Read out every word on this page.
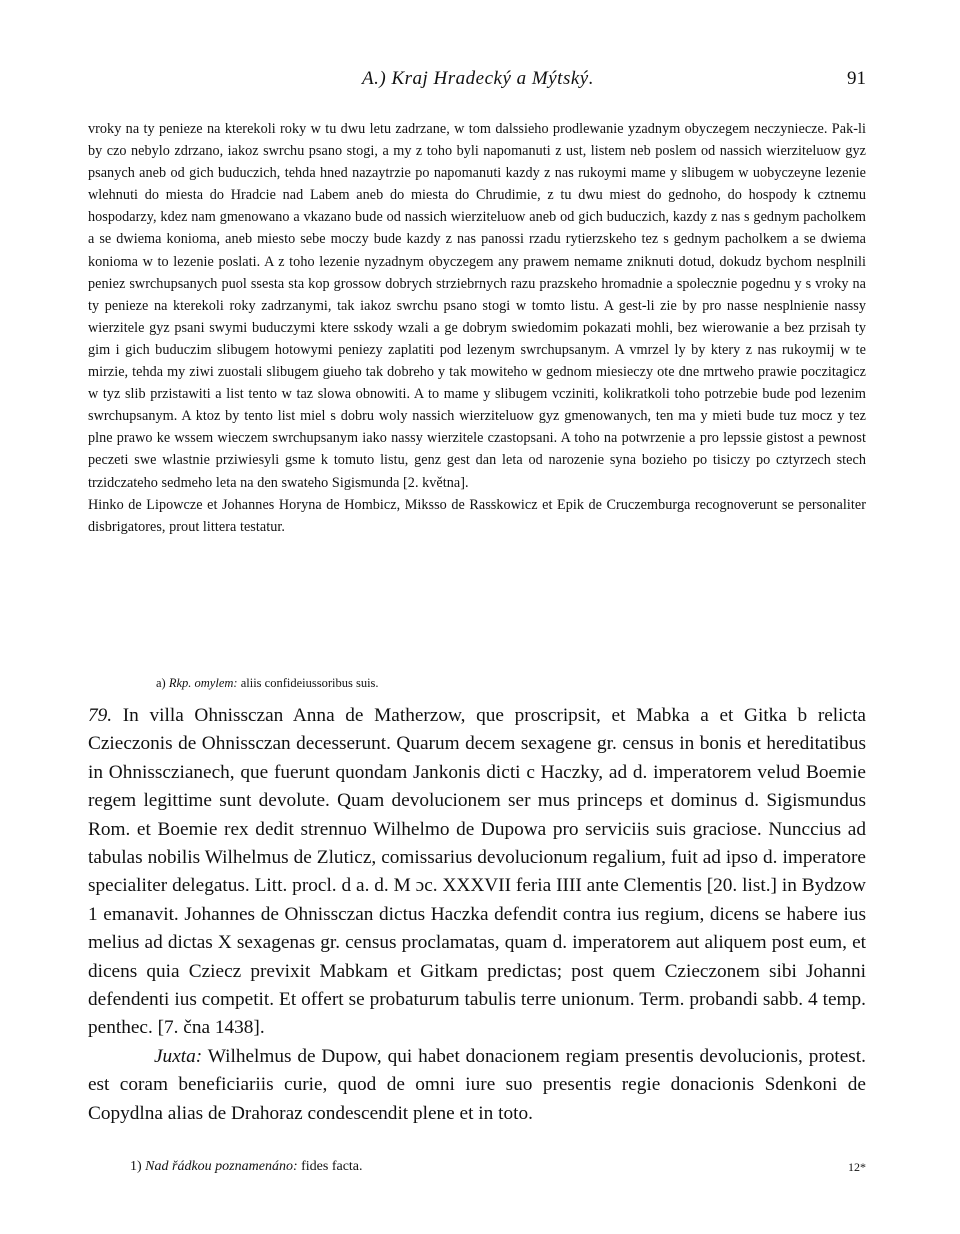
A.) Kraj Hradecký a Mýtský.	91

vroky na ty penieze na kterekoli roky w tu dwu letu zadrzane, w tom dalssieho prodlewanie yzadnym obyczegem neczyniecze. Pak-li by czo nebylo zdrzano, iakoz swrchu psano stogi, a my z toho byli napomanuti z ust, listem neb poslem od nassich wierziteluow gyz psanych aneb od gich buduczich, tehda hned nazaytrzie po napomanuti kazdy z nas rukoymi mame y slibugem w uobyczeyne lezenie wlehnuti do miesta do Hradcie nad Labem aneb do miesta do Chrudimie, z tu dwu miest do gednoho, do hospody k cztnemu hospodarzy, kdez nam gmenowano a vkazano bude od nassich wierziteluow aneb od gich buduczich, kazdy z nas s gednym pacholkem a se dwiema konioma, aneb miesto sebe moczy bude kazdy z nas panossi rzadu rytierzskeho tez s gednym pacholkem a se dwiema konioma w to lezenie poslati. A z toho lezenie nyzadnym obyczegem any prawem nemame zniknuti dotud, dokudz bychom nesplnili peniez swrchupsanych puol ssesta sta kop grossow dobrych strziebrnych razu prazskeho hromadnie a spolecznie pogednu y s vroky na ty penieze na kterekoli roky zadrzanymi, tak iakoz swrchu psano stogi w tomto listu. A gest-li zie by pro nasse nesplnienie nassy wierzitele gyz psani swymi buduczymi ktere sskody wzali a ge dobrym swiedomim pokazati mohli, bez wierowanie a bez przisah ty gim i gich buduczim slibugem hotowymi peniezy zaplatiti pod lezenym swrchupsanym. A vmrzel ly by ktery z nas rukoymij w te mirzie, tehda my ziwi zuostali slibugem giueho tak dobreho y tak mowiteho w gednom miesieczy ote dne mrtweho prawie poczitagicz w tyz slib przistawiti a list tento w taz slowa obnowiti. A to mame y slibugem vcziniti, kolikratkoli toho potrzebie bude pod lezenim swrchupsanym. A ktoz by tento list miel s dobru woly nassich wierziteluow gyz gmenowanych, ten ma y mieti bude tuz mocz y tez plne prawo ke wssem wieczem swrchupsanym iako nassy wierzitele czastopsani. A toho na potwrzenie a pro lepssie gistost a pewnost peczeti swe wlastnie prziwiesyli gsme k tomuto listu, genz gest dan leta od narozenie syna bozieho po tisiczy po cztyrzech stech trzidczateho sedmeho leta na den swateho Sigismunda [2. května].

Hinko de Lipowcze et Johannes Horyna de Hombicz, Miksso de Rasskowicz et Epik de Cruczemburga recognoverunt se personaliter disbrigatores, prout littera testatur.

a) Rkp. omylem: aliis confideiussoribus suis.

79. In villa Ohnissczan Anna de Matherzow, que proscripsit, et Mabka a et Gitka b relicta Czieczonis de Ohnissczan decesserunt. Quarum decem sexagene gr. census in bonis et hereditatibus in Ohnissczianech, que fuerunt quondam Jankonis dicti c Haczky, ad d. imperatorem velud Boemie regem legittime sunt devolute. Quam devolucionem ser mus princeps et dominus d. Sigismundus Rom. et Boemie rex dedit strennuo Wilhelmo de Dupowa pro serviciis suis graciose. Nunccius ad tabulas nobilis Wilhelmus de Zluticz, comissarius devolucionum regalium, fuit ad ipso d. imperatore specialiter delegatus. Litt. procl. d a. d. M ɔc. XXXVII feria IIII ante Clementis [20. list.] in Bydzow 1 emanavit. Johannes de Ohnissczan dictus Haczka defendit contra ius regium, dicens se habere ius melius ad dictas X sexagenas gr. census proclamatas, quam d. imperatorem aut aliquem post eum, et dicens quia Cziecz previxit Mabkam et Gitkam predictas; post quem Czieczonem sibi Johanni defendenti ius competit. Et offert se probaturum tabulis terre unionum. Term. probandi sabb. 4 temp. penthec. [7. čna 1438].

Juxta: Wilhelmus de Dupow, qui habet donacionem regiam presentis devolucionis, protest. est coram beneficiariis curie, quod de omni iure suo presentis regie donacionis Sdenkoni de Copydlna alias de Drahoraz condescendit plene et in toto.

1) Nad řádkou poznamenáno: fides facta.	12*
